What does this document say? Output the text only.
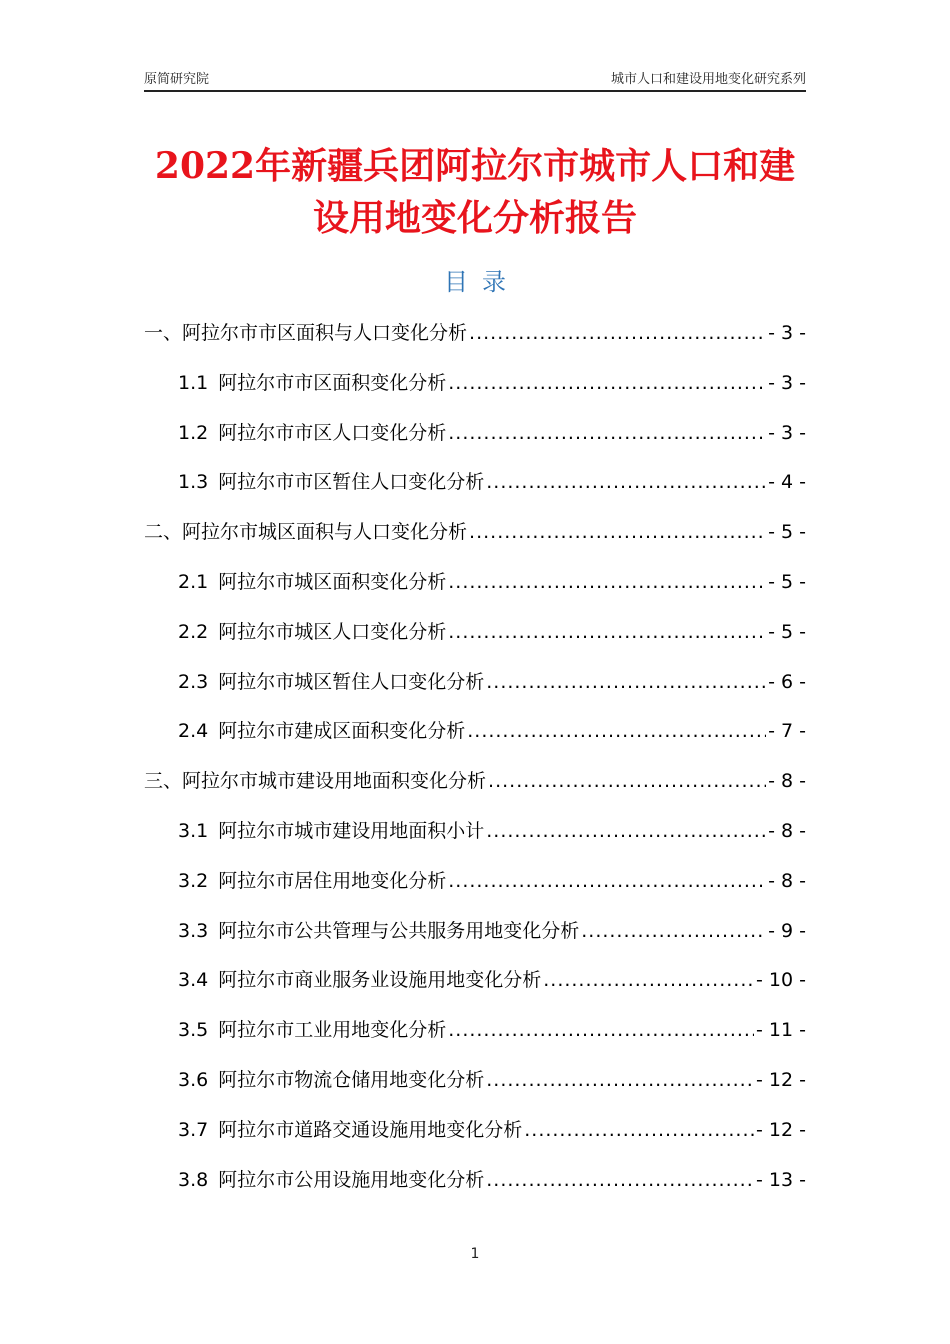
原简研究院	城市人口和建设用地变化研究系列
2022年新疆兵团阿拉尔市城市人口和建
设用地变化分析报告
目录
一、 阿拉尔市市区面积与人口变化分析 .....	- 3 -
1.1 阿拉尔市市区面积变化分析 .....	- 3 -
1.2 阿拉尔市市区人口变化分析 .....	- 3 -
1.3 阿拉尔市市区暂住人口变化分析 .....	- 4 -
二、 阿拉尔市城区面积与人口变化分析 .....	- 5 -
2.1 阿拉尔市城区面积变化分析 .....	- 5 -
2.2 阿拉尔市城区人口变化分析 .....	- 5 -
2.3 阿拉尔市城区暂住人口变化分析 .....	- 6 -
2.4 阿拉尔市建成区面积变化分析 .....	- 7 -
三、 阿拉尔市城市建设用地面积变化分析 .....	- 8 -
3.1 阿拉尔市城市建设用地面积小计 .....	- 8 -
3.2 阿拉尔市居住用地变化分析 .....	- 8 -
3.3 阿拉尔市公共管理与公共服务用地变化分析 .....	- 9 -
3.4 阿拉尔市商业服务业设施用地变化分析 .....	- 10 -
3.5 阿拉尔市工业用地变化分析 .....	- 11 -
3.6 阿拉尔市物流仓储用地变化分析 .....	- 12 -
3.7 阿拉尔市道路交通设施用地变化分析 .....	- 12 -
3.8 阿拉尔市公用设施用地变化分析 .....	- 13 -
1
